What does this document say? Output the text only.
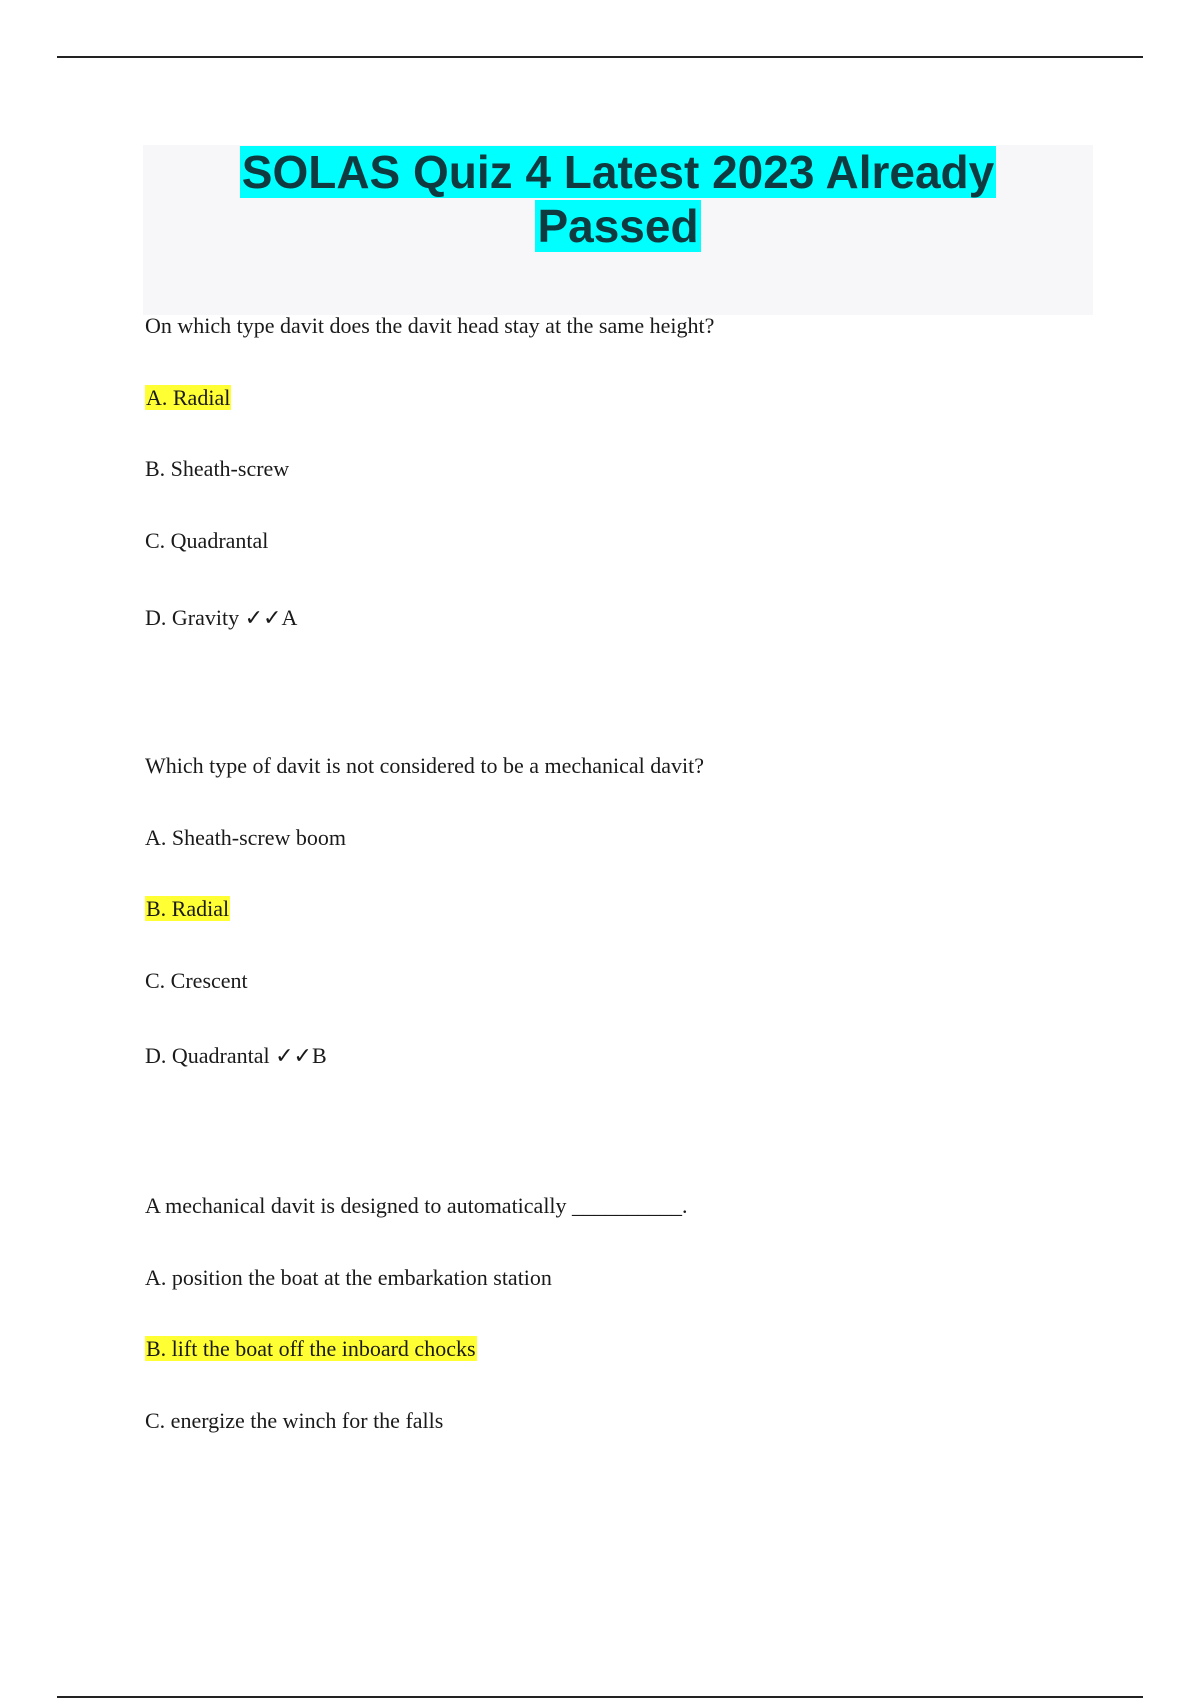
SOLAS Quiz 4 Latest 2023 Already
Passed

On which type davit does the davit head stay at the same height?

A. Radial

B. Sheath-screw

C. Quadrantal

D. Gravity ✓✓A

Which type of davit is not considered to be a mechanical davit?

A. Sheath-screw boom

B. Radial

C. Crescent

D. Quadrantal ✓✓B

A mechanical davit is designed to automatically __________.

A. position the boat at the embarkation station

B. lift the boat off the inboard chocks

C. energize the winch for the falls
